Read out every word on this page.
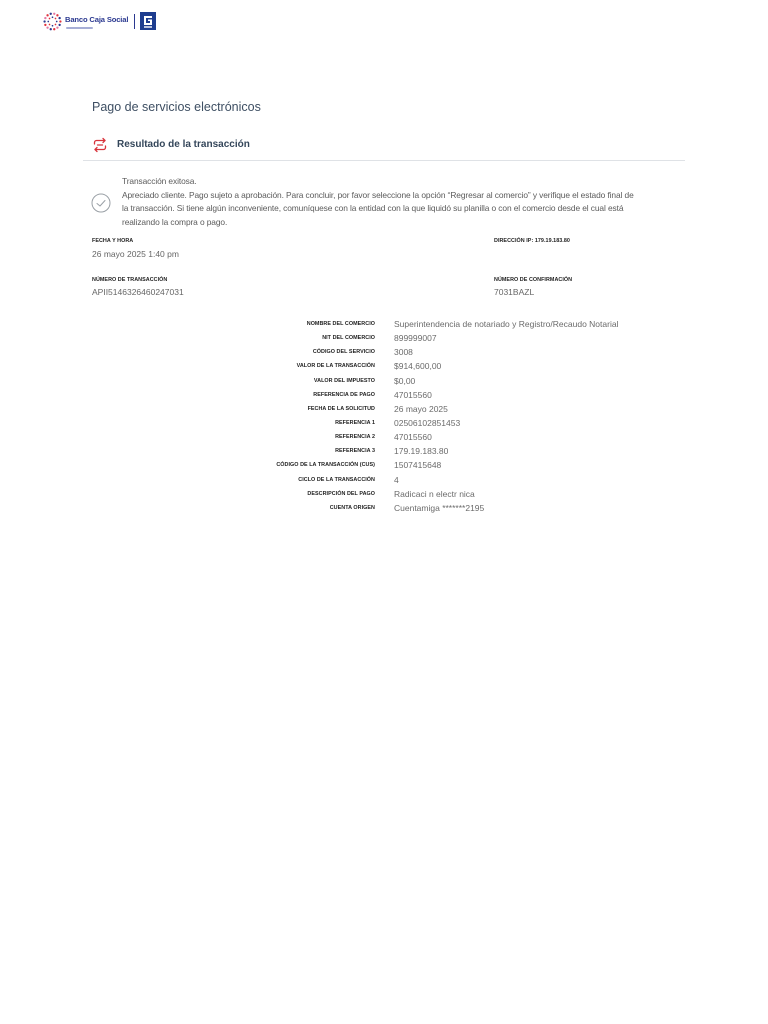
Banco Caja Social
Pago de servicios electrónicos
Resultado de la transacción
Transacción exitosa.
Apreciado cliente. Pago sujeto a aprobación. Para concluir, por favor seleccione la opción “Regresar al comercio” y verifique el estado final de
la transacción. Si tiene algún inconveniente, comuníquese con la entidad con la que liquidó su planilla o con el comercio desde el cual está
realizando la compra o pago.
FECHA Y HORA
26 mayo 2025 1:40 pm
DIRECCIÓN IP: 179.19.183.80
NÚMERO DE TRANSACCIÓN
APII5146326460247031
NÚMERO DE CONFIRMACIÓN
7031BAZL
NOMBRE DEL COMERCIO Superintendencia de notariado y Registro/Recaudo Notarial
NIT DEL COMERCIO 899999007
CÓDIGO DEL SERVICIO 3008
VALOR DE LA TRANSACCIÓN $914,600,00
VALOR DEL IMPUESTO $0,00
REFERENCIA DE PAGO 47015560
FECHA DE LA SOLICITUD 26 mayo 2025
REFERENCIA 1 02506102851453
REFERENCIA 2 47015560
REFERENCIA 3 179.19.183.80
CÓDIGO DE LA TRANSACCIÓN (CUS) 1507415648
CICLO DE LA TRANSACCIÓN 4
DESCRIPCIÓN DEL PAGO Radicaci n electr nica
CUENTA ORIGEN Cuentamiga *******2195
